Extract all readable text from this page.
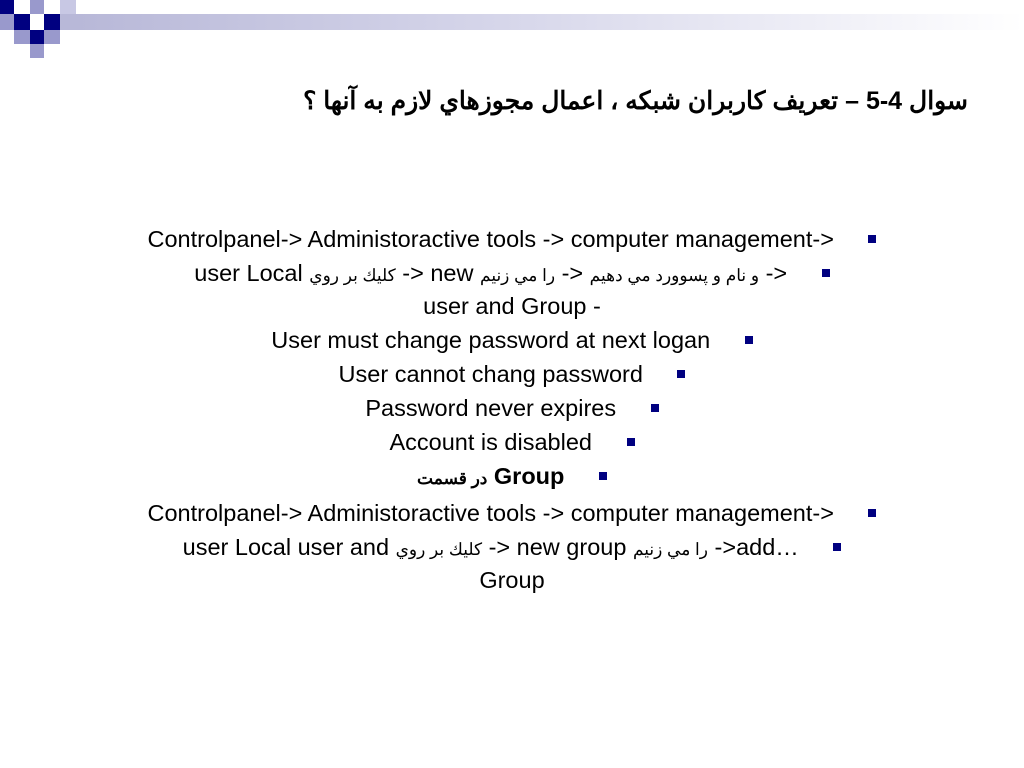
سوال 5-4 – تعريف كاربران شبكه ، اعمال مجوزهاي لازم به آنها ؟
Controlpanel-> Administoractive tools -> computer management->
user Local كليك بر روي -> new را مي زنيم -> و نام و پسوورد مي دهيم ->
user and Group -
User must change password at next logan
User cannot chang password
Password never expires
Account is disabled
در قسمت Group
Controlpanel-> Administoractive tools -> computer management->
user Local user and كليك بر روي -> new group را مي زنيم ->add…
Group
